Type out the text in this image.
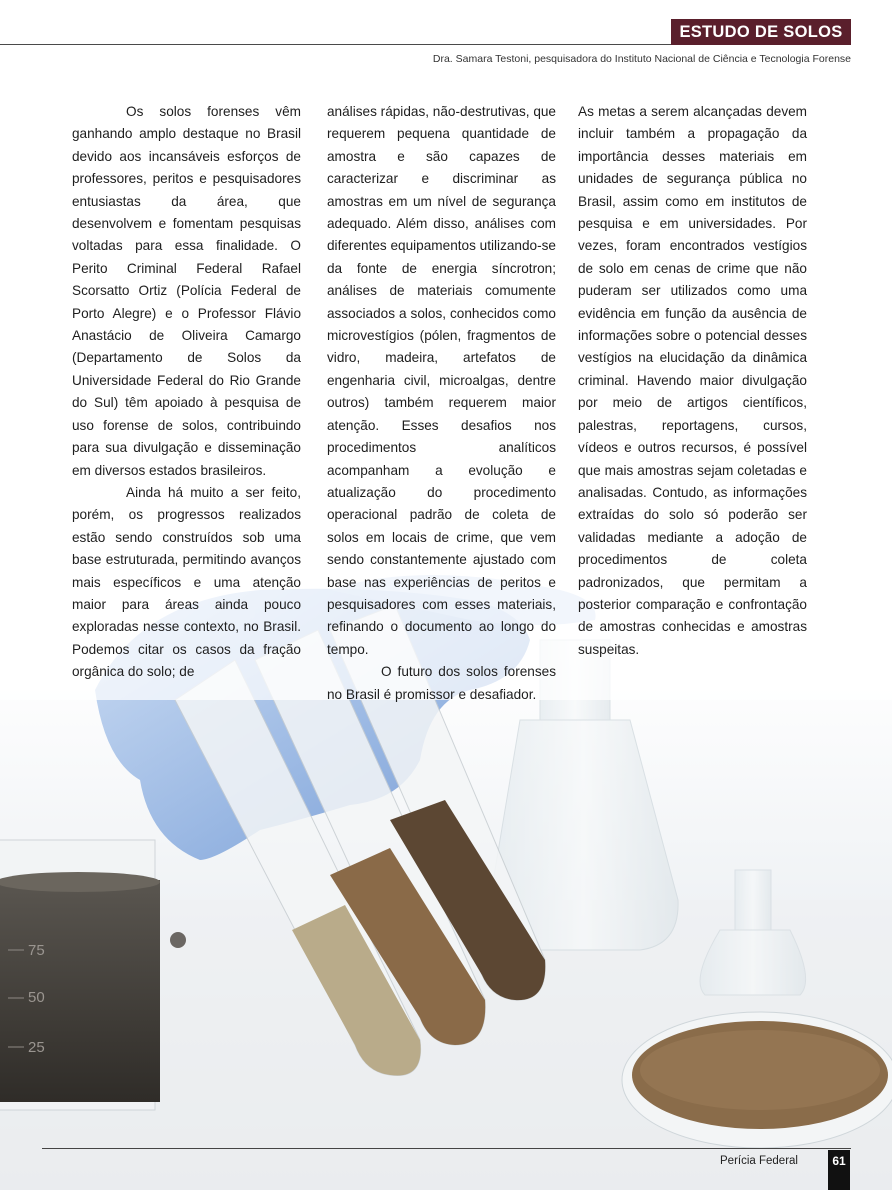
75
50
25
ESTUDO DE SOLOS
Dra. Samara Testoni, pesquisadora do Instituto Nacional de Ciência e Tecnologia Forense

Os solos forenses vêm ganhando amplo destaque no Brasil devido aos incansáveis esforços de professores, peritos e pesquisadores entusiastas da área, que desenvolvem e fomentam pesquisas voltadas para essa finalidade. O Perito Criminal Federal Rafael Scorsatto Ortiz (Polícia Federal de Porto Alegre) e o Professor Flávio Anastácio de Oliveira Camargo (Departamento de Solos da Universidade Federal do Rio Grande do Sul) têm apoiado à pesquisa de uso forense de solos, contribuindo para sua divulgação e disseminação em diversos estados brasileiros.

Ainda há muito a ser feito, porém, os progressos realizados estão sendo construídos sob uma base estruturada, permitindo avanços mais específicos e uma atenção maior para áreas ainda pouco exploradas nesse contexto, no Brasil. Podemos citar os casos da fração orgânica do solo; de

análises rápidas, não-destrutivas, que requerem pequena quantidade de amostra e são capazes de caracterizar e discriminar as amostras em um nível de segurança adequado. Além disso, análises com diferentes equipamentos utilizando-se da fonte de energia síncrotron; análises de materiais comumente associados a solos, conhecidos como microvestígios (pólen, fragmentos de vidro, madeira, artefatos de engenharia civil, microalgas, dentre outros) também requerem maior atenção. Esses desafios nos procedimentos analíticos acompanham a evolução e atualização do procedimento operacional padrão de coleta de solos em locais de crime, que vem sendo constantemente ajustado com base nas experiências de peritos e pesquisadores com esses materiais, refinando o documento ao longo do tempo.

O futuro dos solos forenses no Brasil é promissor e desafiador.

As metas a serem alcançadas devem incluir também a propagação da importância desses materiais em unidades de segurança pública no Brasil, assim como em institutos de pesquisa e em universidades. Por vezes, foram encontrados vestígios de solo em cenas de crime que não puderam ser utilizados como uma evidência em função da ausência de informações sobre o potencial desses vestígios na elucidação da dinâmica criminal. Havendo maior divulgação por meio de artigos científicos, palestras, reportagens, cursos, vídeos e outros recursos, é possível que mais amostras sejam coletadas e analisadas. Contudo, as informações extraídas do solo só poderão ser validadas mediante a adoção de procedimentos de coleta padronizados, que permitam a posterior comparação e confrontação de amostras conhecidas e amostras suspeitas.

Perícia Federal	61
